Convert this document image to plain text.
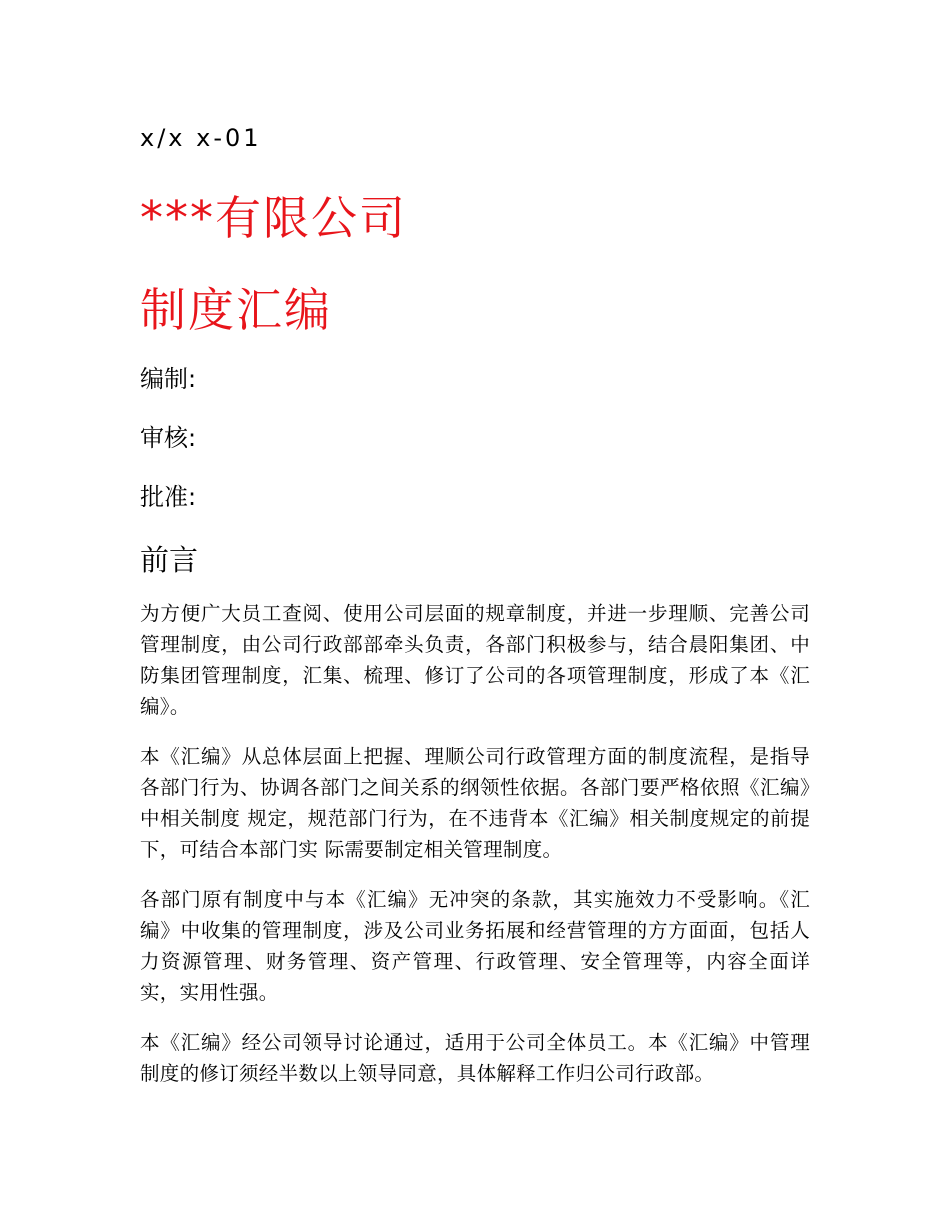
x/x x-01
***有限公司
制度汇编
编制:
审核:
批准:
前言

为方便广大员工查阅、使用公司层面的规章制度，并进一步理顺、完善公司管理制度，由公司行政部部牵头负责，各部门积极参与，结合晨阳集团、中防集团管理制度，汇集、梳理、修订了公司的各项管理制度，形成了本《汇编》。

本《汇编》从总体层面上把握、理顺公司行政管理方面的制度流程，是指导各部门行为、协调各部门之间关系的纲领性依据。各部门要严格依照《汇编》中相关制度 规定，规范部门行为，在不违背本《汇编》相关制度规定的前提下，可结合本部门实 际需要制定相关管理制度。

各部门原有制度中与本《汇编》无冲突的条款，其实施效力不受影响。《汇编》中收集的管理制度，涉及公司业务拓展和经营管理的方方面面，包括人力资源管理、财务管理、资产管理、行政管理、安全管理等，内容全面详实，实用性强。

本《汇编》经公司领导讨论通过，适用于公司全体员工。本《汇编》中管理制度的修订须经半数以上领导同意，具体解释工作归公司行政部。
